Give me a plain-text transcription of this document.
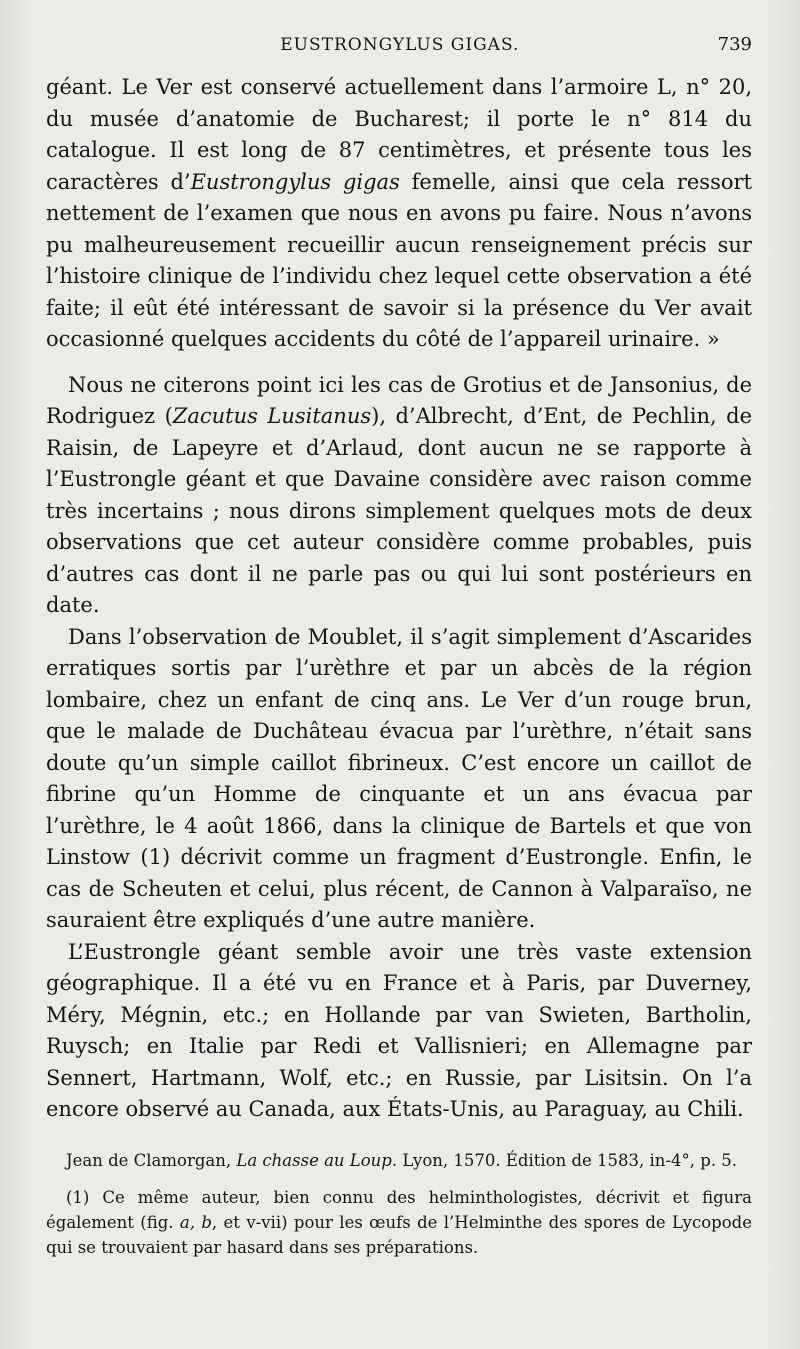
EUSTRONGYLUS GIGAS.	739

géant. Le Ver est conservé actuellement dans l’armoire L, n° 20, du musée d’anatomie de Bucharest; il porte le n° 814 du catalogue. Il est long de 87 centimètres, et présente tous les caractères d’Eustrongylus gigas femelle, ainsi que cela ressort nettement de l’examen que nous en avons pu faire. Nous n’avons pu malheureusement recueillir aucun renseignement précis sur l’histoire clinique de l’individu chez lequel cette observation a été faite; il eût été intéressant de savoir si la présence du Ver avait occasionné quelques accidents du côté de l’appareil urinaire. »

Nous ne citerons point ici les cas de Grotius et de Jansonius, de Rodriguez (Zacutus Lusitanus), d’Albrecht, d’Ent, de Pechlin, de Raisin, de Lapeyre et d’Arlaud, dont aucun ne se rapporte à l’Eustrongle géant et que Davaine considère avec raison comme très incertains ; nous dirons simplement quelques mots de deux observations que cet auteur considère comme probables, puis d’autres cas dont il ne parle pas ou qui lui sont postérieurs en date.

Dans l’observation de Moublet, il s’agit simplement d’Ascarides erratiques sortis par l’urèthre et par un abcès de la région lombaire, chez un enfant de cinq ans. Le Ver d’un rouge brun, que le malade de Duchâteau évacua par l’urèthre, n’était sans doute qu’un simple caillot fibrineux. C’est encore un caillot de fibrine qu’un Homme de cinquante et un ans évacua par l’urèthre, le 4 août 1866, dans la clinique de Bartels et que von Linstow (1) décrivit comme un fragment d’Eustrongle. Enfin, le cas de Scheuten et celui, plus récent, de Cannon à Valparaïso, ne sauraient être expliqués d’une autre manière.

L’Eustrongle géant semble avoir une très vaste extension géographique. Il a été vu en France et à Paris, par Duverney, Méry, Mégnin, etc.; en Hollande par van Swieten, Bartholin, Ruysch; en Italie par Redi et Vallisnieri; en Allemagne par Sennert, Hartmann, Wolf, etc.; en Russie, par Lisitsin. On l’a encore observé au Canada, aux États-Unis, au Paraguay, au Chili.

Jean de Clamorgan, La chasse au Loup. Lyon, 1570. Édition de 1583, in-4°, p. 5.
(1) Ce même auteur, bien connu des helminthologistes, décrivit et figura également (fig. a, b, et v-vii) pour les œufs de l’Helminthe des spores de Lycopode qui se trouvaient par hasard dans ses préparations.
